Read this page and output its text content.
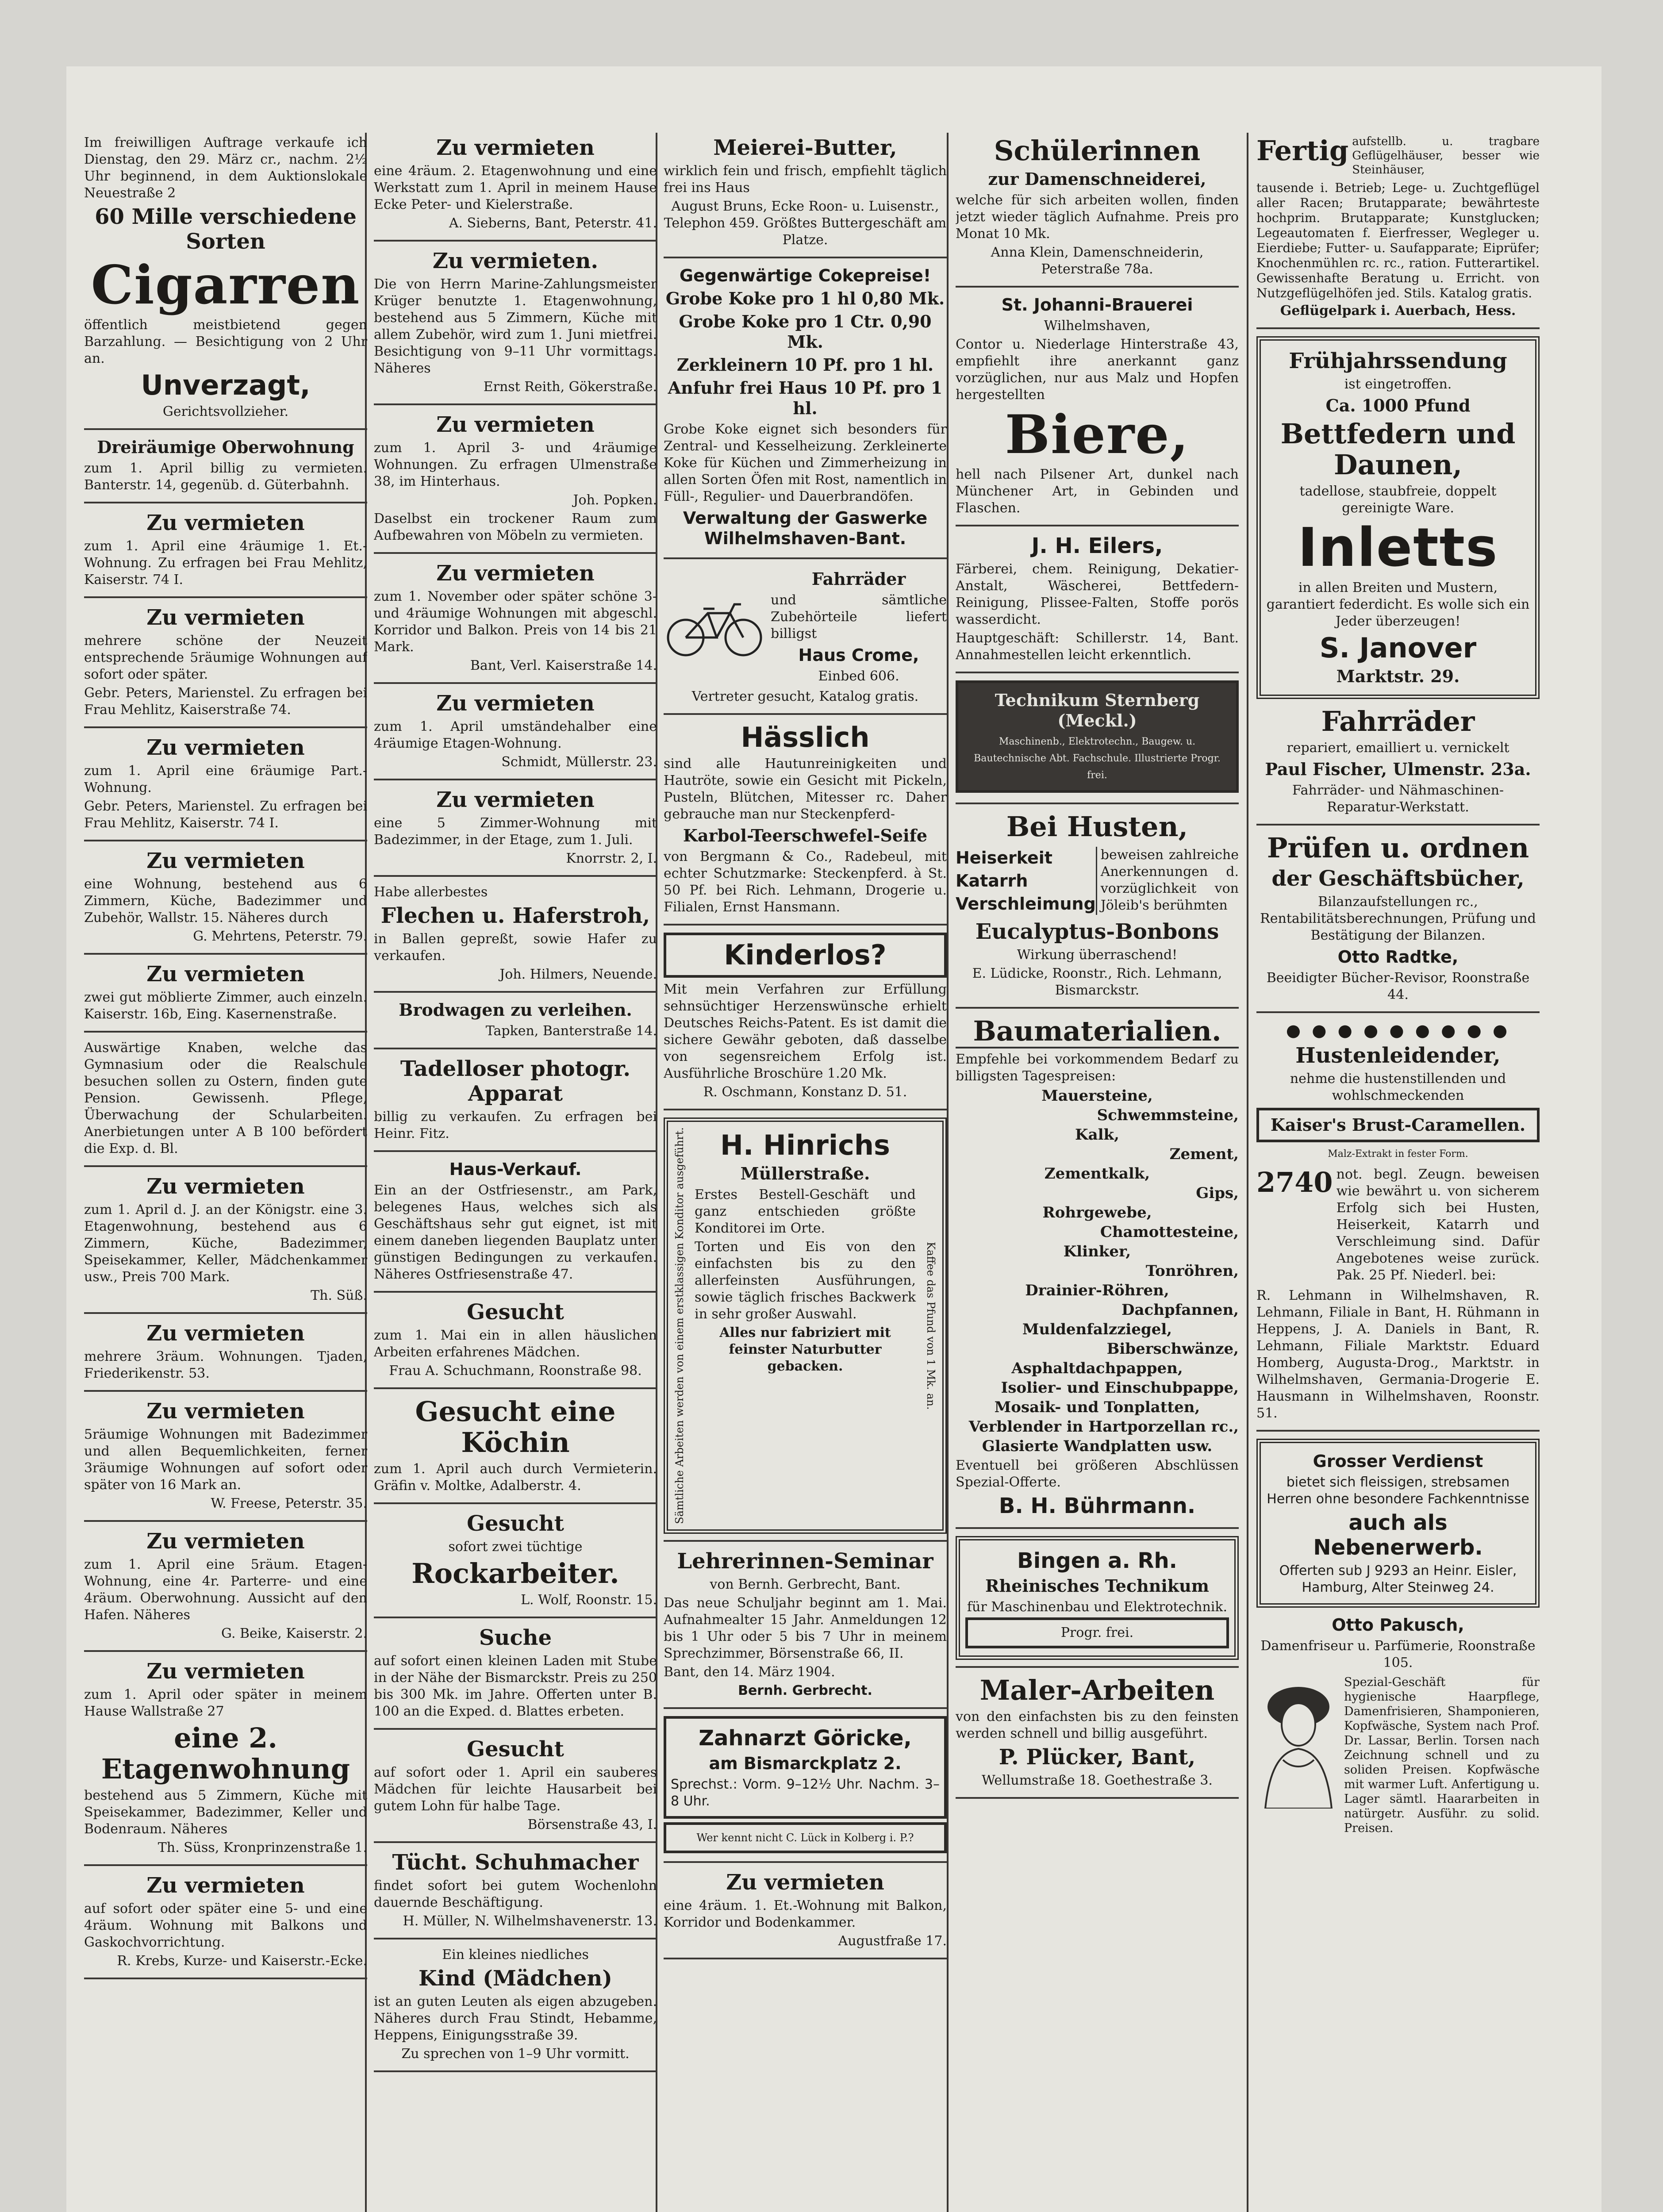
Im freiwilligen Auftrage verkaufe ich Dienstag, den 29. März cr., nachm. 2½ Uhr beginnend, in dem Auktionslokale Neuestraße 2

60 Mille verschiedene Sorten
Cigarren

öffentlich meistbietend gegen Barzahlung. — Besichtigung von 2 Uhr an.

Unverzagt,

Gerichtsvollzieher.

Dreiräumige Oberwohnung

zum 1. April billig zu vermieten. Banterstr. 14, gegenüb. d. Güterbahnh.

Zu vermieten

zum 1. April eine 4räumige 1. Et.-Wohnung. Zu erfragen bei Frau Mehlitz, Kaiserstr. 74 I.

Zu vermieten

mehrere schöne der Neuzeit entsprechende 5räumige Wohnungen auf sofort oder später.

Gebr. Peters, Marienstel. Zu erfragen bei Frau Mehlitz, Kaiserstraße 74.

Zu vermieten

zum 1. April eine 6räumige Part.-Wohnung.

Gebr. Peters, Marienstel. Zu erfragen bei Frau Mehlitz, Kaiserstr. 74 I.

Zu vermieten

eine Wohnung, bestehend aus 6 Zimmern, Küche, Badezimmer und Zubehör, Wallstr. 15. Näheres durch

G. Mehrtens, Peterstr. 79.

Zu vermieten

zwei gut möblierte Zimmer, auch einzeln. Kaiserstr. 16b, Eing. Kasernenstraße.

Auswärtige Knaben, welche das Gymnasium oder die Realschule besuchen sollen zu Ostern, finden gute Pension. Gewissenh. Pflege, Überwachung der Schularbeiten. Anerbietungen unter A B 100 befördert die Exp. d. Bl.

Zu vermieten

zum 1. April d. J. an der Königstr. eine 3. Etagenwohnung, bestehend aus 6 Zimmern, Küche, Badezimmer, Speisekammer, Keller, Mädchenkammer usw., Preis 700 Mark.

Th. Süß.

Zu vermieten

mehrere 3räum. Wohnungen. Tjaden, Friederikenstr. 53.

Zu vermieten

5räumige Wohnungen mit Badezimmer und allen Bequemlichkeiten, ferner 3räumige Wohnungen auf sofort oder später von 16 Mark an.

W. Freese, Peterstr. 35.

Zu vermieten

zum 1. April eine 5räum. Etagen-Wohnung, eine 4r. Parterre- und eine 4räum. Oberwohnung. Aussicht auf den Hafen. Näheres

G. Beike, Kaiserstr. 2.

Zu vermieten

zum 1. April oder später in meinem Hause Wallstraße 27

eine 2. Etagenwohnung

bestehend aus 5 Zimmern, Küche mit Speisekammer, Badezimmer, Keller und Bodenraum. Näheres

Th. Süss, Kronprinzenstraße 1.

Zu vermieten

auf sofort oder später eine 5- und eine 4räum. Wohnung mit Balkons und Gaskochvorrichtung.

R. Krebs, Kurze- und Kaiserstr.-Ecke.

Zu vermieten

eine 4räum. 2. Etagenwohnung und eine Werkstatt zum 1. April in meinem Hause Ecke Peter- und Kielerstraße.

A. Sieberns, Bant, Peterstr. 41.

Zu vermieten.

Die von Herrn Marine-Zahlungsmeister Krüger benutzte 1. Etagenwohnung, bestehend aus 5 Zimmern, Küche mit allem Zubehör, wird zum 1. Juni mietfrei. Besichtigung von 9–11 Uhr vormittags. Näheres

Ernst Reith, Gökerstraße.

Zu vermieten

zum 1. April 3- und 4räumige Wohnungen. Zu erfragen Ulmenstraße 38, im Hinterhaus.

Joh. Popken.

Daselbst ein trockener Raum zum Aufbewahren von Möbeln zu vermieten.

Zu vermieten

zum 1. November oder später schöne 3- und 4räumige Wohnungen mit abgeschl. Korridor und Balkon. Preis von 14 bis 21 Mark.

Bant, Verl. Kaiserstraße 14.

Zu vermieten

zum 1. April umständehalber eine 4räumige Etagen-Wohnung.

Schmidt, Müllerstr. 23.

Zu vermieten

eine 5 Zimmer-Wohnung mit Badezimmer, in der Etage, zum 1. Juli.

Knorrstr. 2, I.

Habe allerbestes

Flechen u. Haferstroh,

in Ballen gepreßt, sowie Hafer zu verkaufen.

Joh. Hilmers, Neuende.

Brodwagen zu verleihen.

Tapken, Banterstraße 14.

Tadelloser photogr. Apparat

billig zu verkaufen. Zu erfragen bei Heinr. Fitz.

Haus-Verkauf.

Ein an der Ostfriesenstr., am Park, belegenes Haus, welches sich als Geschäftshaus sehr gut eignet, ist mit einem daneben liegenden Bauplatz unter günstigen Bedingungen zu verkaufen. Näheres Ostfriesenstraße 47.

Gesucht

zum 1. Mai ein in allen häuslichen Arbeiten erfahrenes Mädchen.

Frau A. Schuchmann, Roonstraße 98.

Gesucht eine Köchin

zum 1. April auch durch Vermieterin. Gräfin v. Moltke, Adalberstr. 4.

Gesucht

sofort zwei tüchtige

Rockarbeiter.

L. Wolf, Roonstr. 15.

Suche

auf sofort einen kleinen Laden mit Stube in der Nähe der Bismarckstr. Preis zu 250 bis 300 Mk. im Jahre. Offerten unter B. 100 an die Exped. d. Blattes erbeten.

Gesucht

auf sofort oder 1. April ein sauberes Mädchen für leichte Hausarbeit bei gutem Lohn für halbe Tage.

Börsenstraße 43, I.

Tücht. Schuhmacher

findet sofort bei gutem Wochenlohn dauernde Beschäftigung.

H. Müller, N. Wilhelmshavenerstr. 13.

Ein kleines niedliches

Kind (Mädchen)

ist an guten Leuten als eigen abzugeben. Näheres durch Frau Stindt, Hebamme, Heppens, Einigungsstraße 39.

Zu sprechen von 1–9 Uhr vormitt.

Meierei-Butter,

wirklich fein und frisch, empfiehlt täglich frei ins Haus

August Bruns, Ecke Roon- u. Luisenstr., Telephon 459. Größtes Buttergeschäft am Platze.

Gegenwärtige Cokepreise!
Grobe Koke pro 1 hl 0,80 Mk.
Grobe Koke pro 1 Ctr. 0,90 Mk.
Zerkleinern 10 Pf. pro 1 hl.
Anfuhr frei Haus 10 Pf. pro 1 hl.

Grobe Koke eignet sich besonders für Zentral- und Kesselheizung. Zerkleinerte Koke für Küchen und Zimmerheizung in allen Sorten Öfen mit Rost, namentlich in Füll-, Regulier- und Dauerbrandöfen.

Verwaltung der Gaswerke Wilhelmshaven-Bant.
Fahrräder

und sämtliche Zubehörteile liefert billigst

Haus Crome,

Einbed 606.

Vertreter gesucht, Katalog gratis.

Hässlich

sind alle Hautunreinigkeiten und Hautröte, sowie ein Gesicht mit Pickeln, Pusteln, Blütchen, Mitesser rc. Daher gebrauche man nur Steckenpferd-

Karbol-Teerschwefel-Seife

von Bergmann & Co., Radebeul, mit echter Schutzmarke: Steckenpferd. à St. 50 Pf. bei Rich. Lehmann, Drogerie u. Filialen, Ernst Hansmann.

Kinderlos?

Mit mein Verfahren zur Erfüllung sehnsüchtiger Herzenswünsche erhielt Deutsches Reichs-Patent. Es ist damit die sichere Gewähr geboten, daß dasselbe von segensreichem Erfolg ist. Ausführliche Broschüre 1.20 Mk.

R. Oschmann, Konstanz D. 51.

Sämtliche Arbeiten werden von einem erstklassigen Konditor ausgeführt.	H. Hinrichs
Müllerstraße.

Erstes Bestell-Geschäft und ganz entschieden größte Konditorei im Orte.

Torten und Eis von den einfachsten bis zu den allerfeinsten Ausführungen, sowie täglich frisches Backwerk in sehr großer Auswahl.

Alles nur fabriziert mit feinster Naturbutter gebacken.	Kaffee das Pfund von 1 Mk. an.
Lehrerinnen-Seminar

von Bernh. Gerbrecht, Bant.

Das neue Schuljahr beginnt am 1. Mai. Aufnahmealter 15 Jahr. Anmeldungen 12 bis 1 Uhr oder 5 bis 7 Uhr in meinem Sprechzimmer, Börsenstraße 66, II.

Bant, den 14. März 1904.

Bernh. Gerbrecht.

Zahnarzt Göricke,
am Bismarckplatz 2.

Sprechst.: Vorm. 9–12½ Uhr. Nachm. 3–8 Uhr.

Wer kennt nicht C. Lück in Kolberg i. P.?

Zu vermieten

eine 4räum. 1. Et.-Wohnung mit Balkon, Korridor und Bodenkammer.

Augustfraße 17.

Schülerinnen
zur Damenschneiderei,

welche für sich arbeiten wollen, finden jetzt wieder täglich Aufnahme. Preis pro Monat 10 Mk.

Anna Klein, Damenschneiderin, Peterstraße 78a.

St. Johanni-Brauerei

Wilhelmshaven,

Contor u. Niederlage Hinterstraße 43, empfiehlt ihre anerkannt ganz vorzüglichen, nur aus Malz und Hopfen hergestellten

Biere,

hell nach Pilsener Art, dunkel nach Münchener Art, in Gebinden und Flaschen.

J. H. Eilers,

Färberei, chem. Reinigung, Dekatier-Anstalt, Wäscherei, Bettfedern-Reinigung, Plissee-Falten, Stoffe porös wasserdicht.

Hauptgeschäft: Schillerstr. 14, Bant. Annahmestellen leicht erkenntlich.

Technikum Sternberg (Meckl.)

Maschinenb., Elektrotechn., Baugew. u. Bautechnische Abt. Fachschule. Illustrierte Progr. frei.

Bei Husten,
Heiserkeit
Katarrh
Verschleimung

beweisen zahlreiche Anerkennungen d. vorzüglichkeit von Jöleib's berühmten

Eucalyptus-Bonbons

Wirkung überraschend!

E. Lüdicke, Roonstr., Rich. Lehmann, Bismarckstr.

Baumaterialien.

Empfehle bei vorkommendem Bedarf zu billigsten Tagespreisen:

Mauersteine,
Schwemmsteine,
Kalk,
Zement,
Zementkalk,
Gips,
Rohrgewebe,
Chamottesteine,
Klinker,
Tonröhren,
Drainier-Röhren,
Dachpfannen,
Muldenfalzziegel,
Biberschwänze,
Asphaltdachpappen,
Isolier- und Einschubpappe,
Mosaik- und Tonplatten,
Verblender in Hartporzellan rc.,
Glasierte Wandplatten usw.

Eventuell bei größeren Abschlüssen Spezial-Offerte.

B. H. Bührmann.
Bingen a. Rh.
Rheinisches Technikum

für Maschinenbau und Elektrotechnik.

Progr. frei.

Maler-Arbeiten

von den einfachsten bis zu den feinsten werden schnell und billig ausgeführt.

P. Plücker, Bant,

Wellumstraße 18. Goethestraße 3.

Fertig aufstellb. u. tragbare Geflügelhäuser, besser wie Steinhäuser,

tausende i. Betrieb; Lege- u. Zuchtgeflügel aller Racen; Brutapparate; bewährteste hochprim. Brutapparate; Kunstglucken; Legeautomaten f. Eierfresser, Wegleger u. Eierdiebe; Futter- u. Saufapparate; Eiprüfer; Knochenmühlen rc. rc., ration. Futterartikel. Gewissenhafte Beratung u. Erricht. von Nutzgeflügelhöfen jed. Stils. Katalog gratis.

Geflügelpark i. Auerbach, Hess.

Frühjahrssendung

ist eingetroffen.

Ca. 1000 Pfund
Bettfedern und Daunen,

tadellose, staubfreie, doppelt gereinigte Ware.

Inletts

in allen Breiten und Mustern, garantiert federdicht. Es wolle sich ein Jeder überzeugen!

S. Janover
Marktstr. 29.
Fahrräder

repariert, emailliert u. vernickelt

Paul Fischer, Ulmenstr. 23a.

Fahrräder- und Nähmaschinen-Reparatur-Werkstatt.

Prüfen u. ordnen
der Geschäftsbücher,

Bilanzaufstellungen rc., Rentabilitätsberechnungen, Prüfung und Bestätigung der Bilanzen.

Otto Radtke,

Beeidigter Bücher-Revisor, Roonstraße 44.

● ● ● ● ● ● ● ● ●
Hustenleidender,

nehme die hustenstillenden und wohlschmeckenden

Kaiser's Brust-Caramellen.

Malz-Extrakt in fester Form.

2740 not. begl. Zeugn. beweisen wie bewährt u. von sicherem Erfolg sich bei Husten, Heiserkeit, Katarrh und Verschleimung sind. Dafür Angebotenes weise zurück. Pak. 25 Pf. Niederl. bei:

R. Lehmann in Wilhelmshaven, R. Lehmann, Filiale in Bant, H. Rühmann in Heppens, J. A. Daniels in Bant, R. Lehmann, Filiale Marktstr. Eduard Homberg, Augusta-Drog., Marktstr. in Wilhelmshaven, Germania-Drogerie E. Hausmann in Wilhelmshaven, Roonstr. 51.

Grosser Verdienst

bietet sich fleissigen, strebsamen Herren ohne besondere Fachkenntnisse

auch als Nebenerwerb.

Offerten sub J 9293 an Heinr. Eisler, Hamburg, Alter Steinweg 24.

Otto Pakusch,

Damenfriseur u. Parfümerie, Roonstraße 105.

Spezial-Geschäft für hygienische Haarpflege, Damenfrisieren, Shamponieren, Kopfwäsche, System nach Prof. Dr. Lassar, Berlin. Torsen nach Zeichnung schnell und zu soliden Preisen. Kopfwäsche mit warmer Luft. Anfertigung u. Lager sämtl. Haararbeiten in natürgetr. Ausführ. zu solid. Preisen.
